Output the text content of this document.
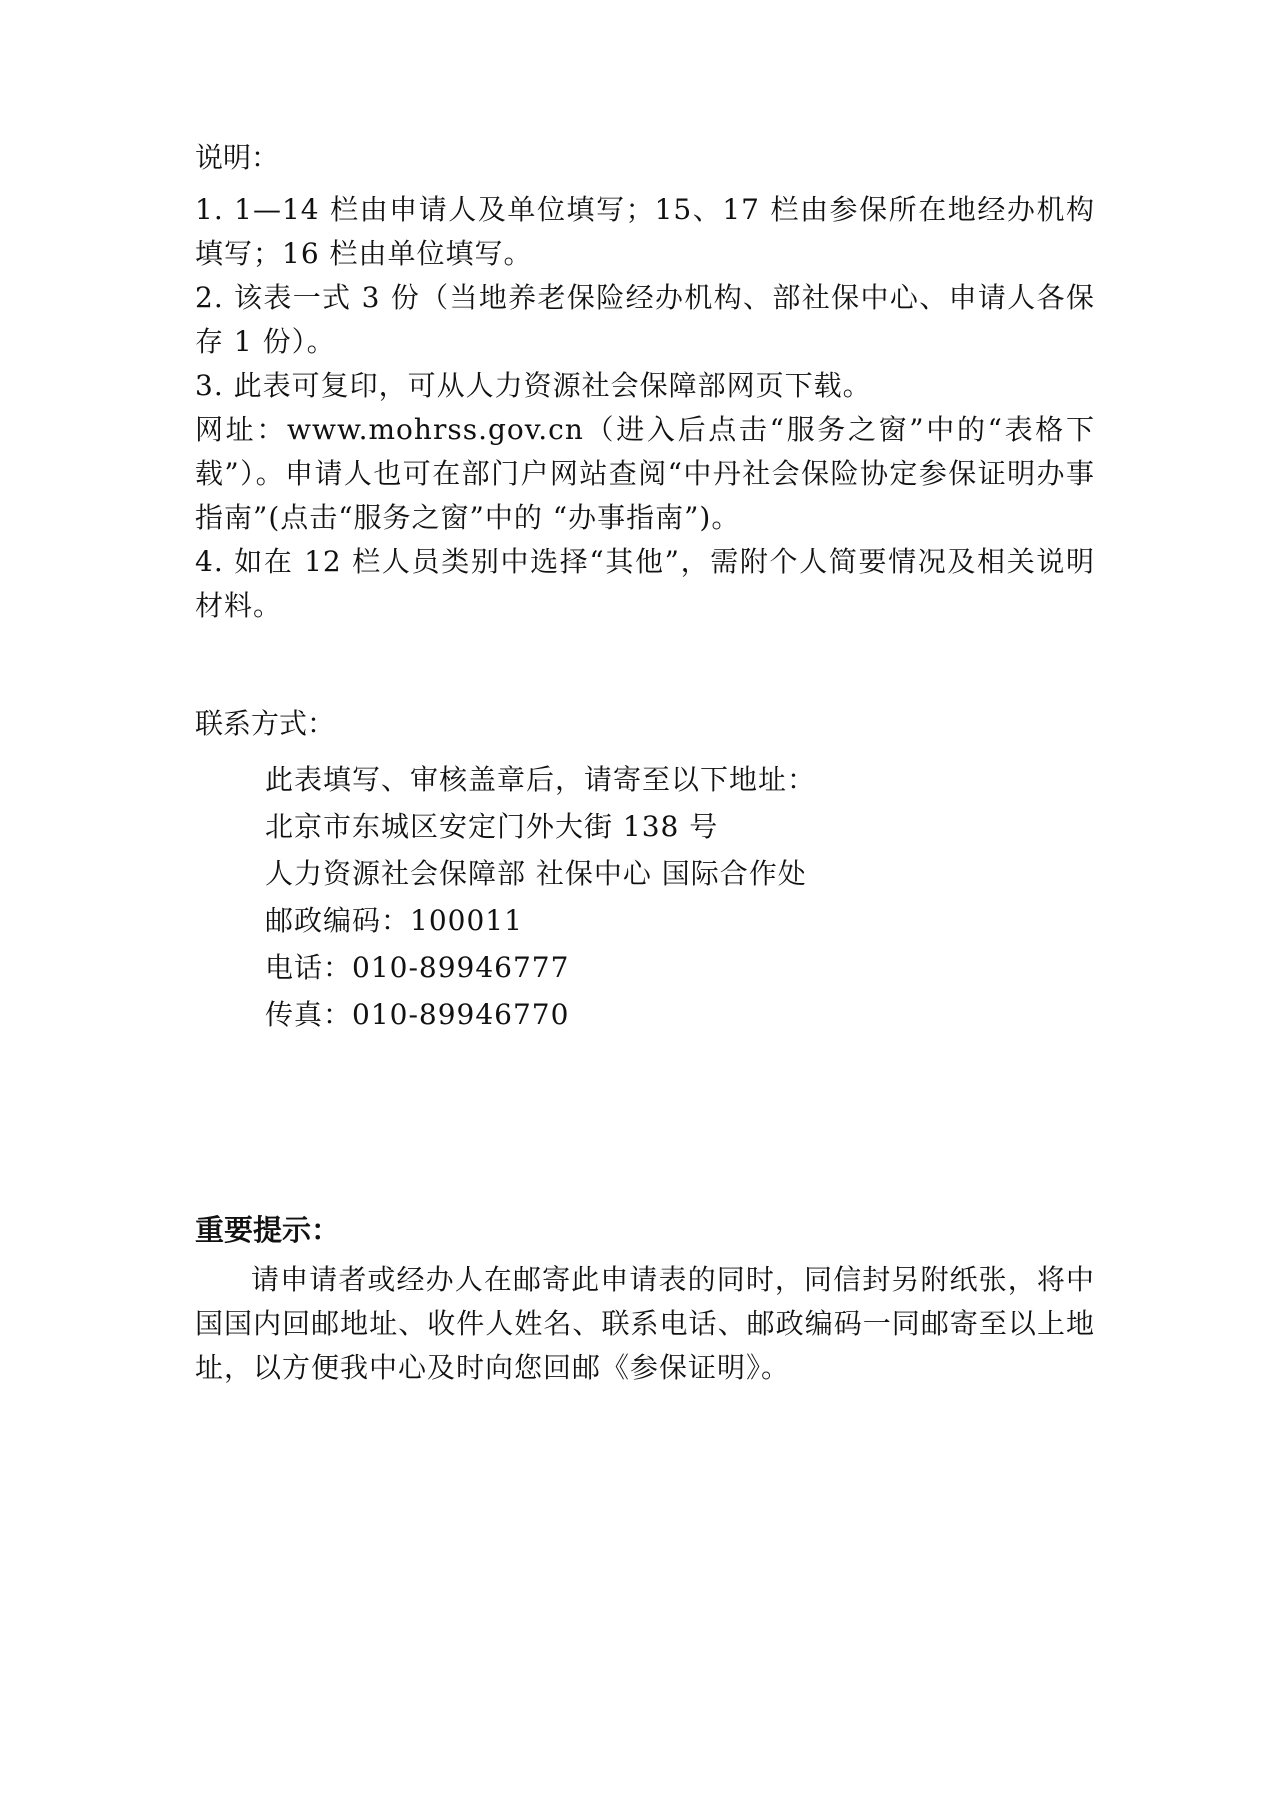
说明：

1. 1—14 栏由申请人及单位填写；15、17 栏由参保所在地经办机构填写；16 栏由单位填写。

2. 该表一式 3 份（当地养老保险经办机构、部社保中心、申请人各保存 1 份）。

3. 此表可复印，可从人力资源社会保障部网页下载。

网址：www.mohrss.gov.cn（进入后点击“服务之窗”中的“表格下载”）。申请人也可在部门户网站查阅“中丹社会保险协定参保证明办事指南”(点击“服务之窗”中的 “办事指南”)。

4. 如在 12 栏人员类别中选择“其他”，需附个人简要情况及相关说明材料。

联系方式：

此表填写、审核盖章后，请寄至以下地址：

北京市东城区安定门外大街 138 号

人力资源社会保障部 社保中心 国际合作处

邮政编码：100011

电话：010-89946777

传真：010-89946770

重要提示：

请申请者或经办人在邮寄此申请表的同时，同信封另附纸张，将中国国内回邮地址、收件人姓名、联系电话、邮政编码一同邮寄至以上地址，以方便我中心及时向您回邮《参保证明》。
